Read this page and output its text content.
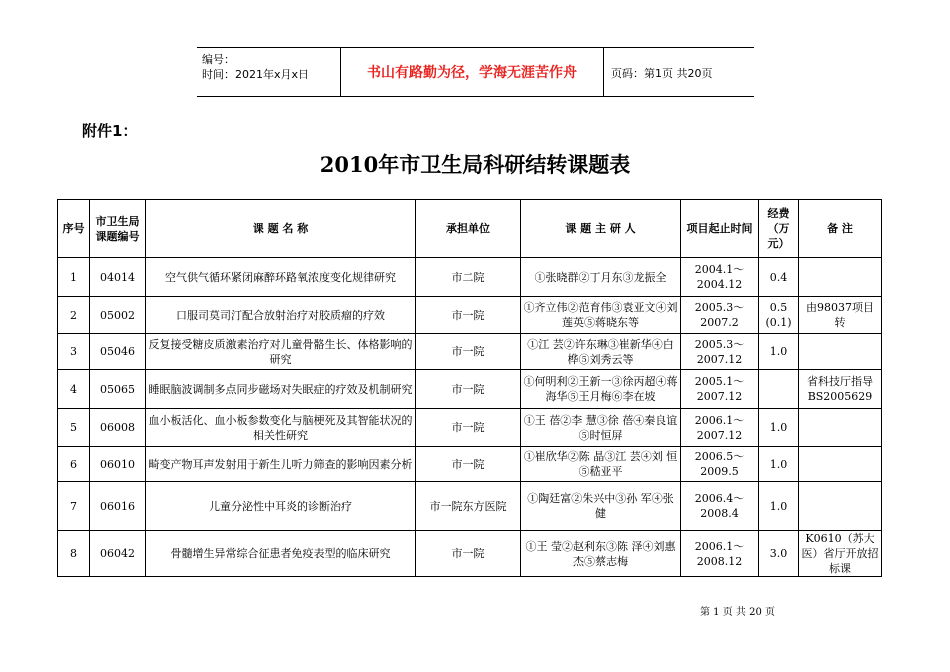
编号：
时间：2021年x月x日	书山有路勤为径，学海无涯苦作舟	页码：第1页 共20页
附件1：
2010年市卫生局科研结转课题表
序号	市卫生局课题编号	课 题 名 称	承担单位	课 题 主 研 人	项目起止时间	经费（万元）	备 注
1	04014	空气供气循环紧闭麻醉环路氧浓度变化规律研究	市二院	①张晓群②丁月东③龙振全	2004.1～2004.12	0.4	
2	05002	口服司莫司汀配合放射治疗对胶质瘤的疗效	市一院	①齐立伟②范育伟③袁亚文④刘莲英⑤蒋晓东等	2005.3～2007.2	0.5 (0.1)	由98037项目转
3	05046	反复接受糖皮质激素治疗对儿童骨骼生长、体格影响的研究	市一院	①江 芸②许东琳③崔新华④白 桦⑤刘秀云等	2005.3～2007.12	1.0	
4	05065	睡眠脑波调制多点同步磁场对失眠症的疗效及机制研究	市一院	①何明利②王新一③徐丙超④蒋海华⑤王月梅⑥李在坡	2005.1～2007.12		省科技厅指导BS2005629
5	06008	血小板活化、血小板参数变化与脑梗死及其智能状况的相关性研究	市一院	①王 蓓②李 慧③徐 蓓④秦良谊⑤时恒屏	2006.1～2007.12	1.0	
6	06010	畸变产物耳声发射用于新生儿听力筛查的影响因素分析	市一院	①崔欣华②陈 晶③江 芸④刘 恒⑤嵇亚平	2006.5～2009.5	1.0	
7	06016	儿童分泌性中耳炎的诊断治疗	市一院东方医院	①陶廷富②朱兴中③孙 军④张 健	2006.4～2008.4	1.0	
8	06042	骨髓增生异常综合征患者免疫表型的临床研究	市一院	①王 莹②赵利东③陈 泽④刘惠杰⑤蔡志梅	2006.1～2008.12	3.0	K0610（苏大医）省厅开放招标课
第 1 页 共 20 页
